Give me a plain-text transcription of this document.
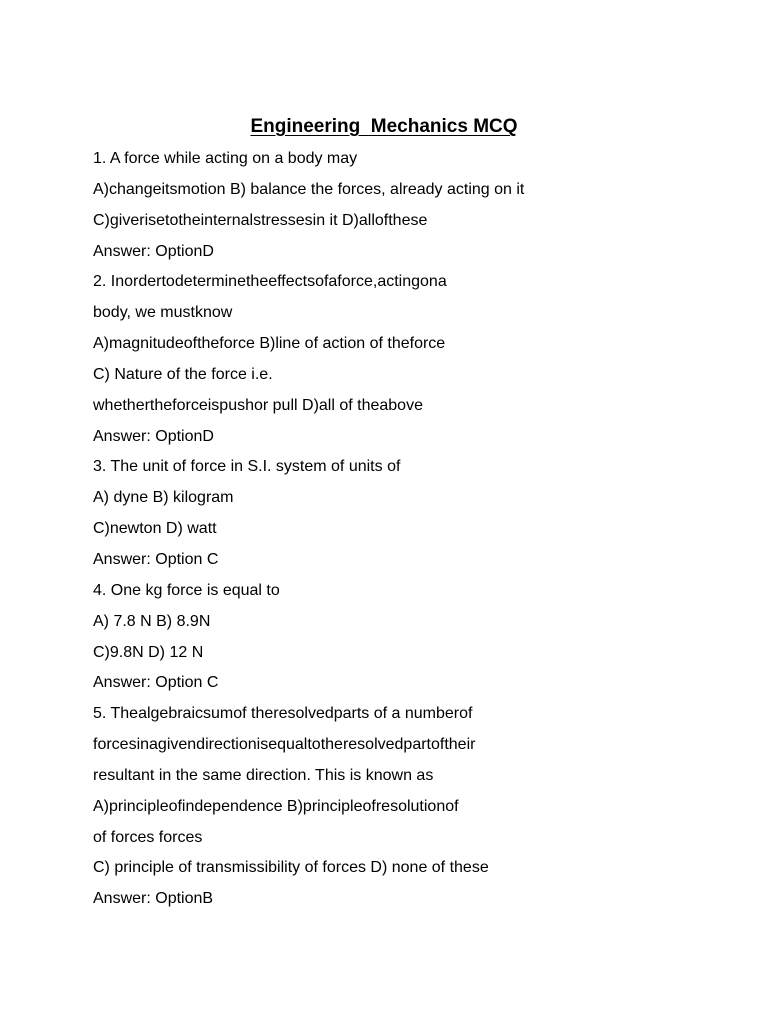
Engineering  Mechanics MCQ
1. A force while acting on a body may
A)changeitsmotion B) balance the forces, already acting on it
C)giverisetotheinternalstressesin it D)allofthese
Answer: OptionD
2. Inordertodeterminetheeffectsofaforce,actingona
body, we mustknow
A)magnitudeoftheforce B)line of action of theforce
C) Nature of the force i.e.
whethertheforceispushor pull D)all of theabove
Answer: OptionD
3. The unit of force in S.I. system of units of
A) dyne B) kilogram
C)newton D) watt
Answer: Option C
4. One kg force is equal to
A) 7.8 N B) 8.9N
C)9.8N D) 12 N
Answer: Option C
5. Thealgebraicsumof theresolvedparts of a numberof
forcesinagivendirectionisequaltotheresolvedpartoftheir
resultant in the same direction. This is known as
A)principleofindependence B)principleofresolutionof
of forces forces
C) principle of transmissibility of forces D) none of these
Answer: OptionB
